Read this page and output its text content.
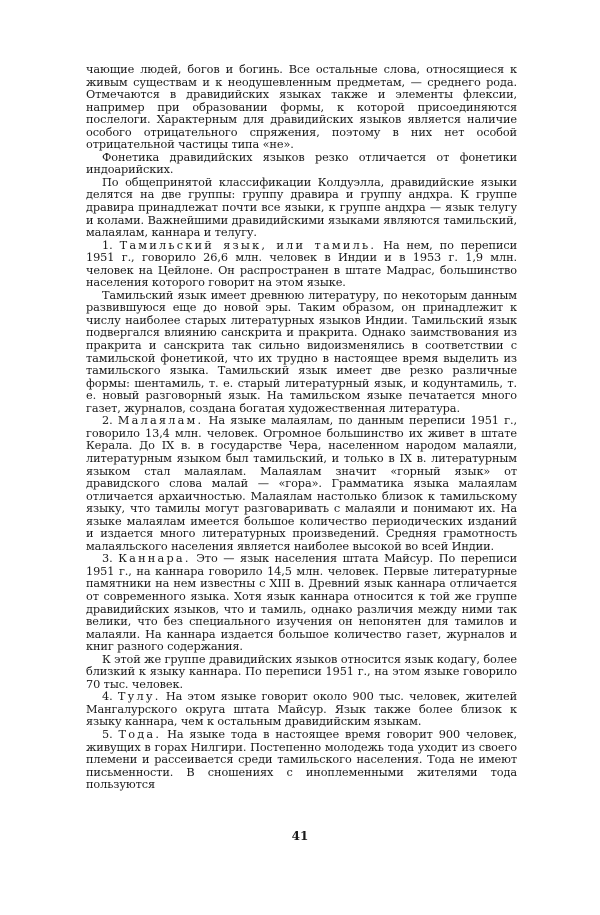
чающие людей, богов и богинь. Все остальные слова, относящиеся к живым существам и к неодушевленным предметам, — среднего рода. Отмечаются в дравидийских языках также и элементы флексии, например при образовании формы, к которой присоединяются послелоги. Характерным для дравидийских языков является наличие особого отрицательного спряжения, поэтому в них нет особой отрицательной частицы типа «не».

Фонетика дравидийских языков резко отличается от фонетики индоарийских.

По общепринятой классификации Колдуэлла, дравидийские языки делятся на две группы: группу дравира и группу андхра. К группе дравира принадлежат почти все языки, к группе андхра — язык телугу и колами. Важнейшими дравидийскими языками являются тамильский, малаялам, каннара и телугу.

1. Тамильский язык, или тамиль. На нем, по переписи 1951 г., говорило 26,6 млн. человек в Индии и в 1953 г. 1,9 млн. человек на Цейлоне. Он распространен в штате Мадрас, большинство населения которого говорит на этом языке.

Тамильский язык имеет древнюю литературу, по некоторым данным развившуюся еще до новой эры. Таким образом, он принадлежит к числу наиболее старых литературных языков Индии. Тамильский язык подвергался влиянию санскрита и пракрита. Однако заимствования из пракрита и санскрита так сильно видоизменялись в соответствии с тамильской фонетикой, что их трудно в настоящее время выделить из тамильского языка. Тамильский язык имеет две резко различные формы: шентамиль, т. е. старый литературный язык, и кодунтамиль, т. е. новый разговорный язык. На тамильском языке печатается много газет, журналов, создана богатая художественная литература.

2. Малаялам. На языке малаялам, по данным переписи 1951 г., говорило 13,4 млн. человек. Огромное большинство их живет в штате Керала. До IX в. в государстве Чера, населенном народом малаяли, литературным языком был тамильский, и только в IX в. литературным языком стал малаялам. Малаялам значит «горный язык» от дравидского слова малай — «гора». Грамматика языка малаялам отличается архаичностью. Малаялам настолько близок к тамильскому языку, что тамилы могут разговаривать с малаяли и понимают их. На языке малаялам имеется большое количество периодических изданий и издается много литературных произведений. Средняя грамотность малаяльского населения является наиболее высокой во всей Индии.

3. Каннара. Это — язык населения штата Майсур. По переписи 1951 г., на каннара говорило 14,5 млн. человек. Первые литературные памятники на нем известны с XIII в. Древний язык каннара отличается от современного языка. Хотя язык каннара относится к той же группе дравидийских языков, что и тамиль, однако различия между ними так велики, что без специального изучения он непонятен для тамилов и малаяли. На каннара издается большое количество газет, журналов и книг разного содержания.

К этой же группе дравидийских языков относится язык кодагу, более близкий к языку каннара. По переписи 1951 г., на этом языке говорило 70 тыс. человек.

4. Тулу. На этом языке говорит около 900 тыс. человек, жителей Мангалурского округа штата Майсур. Язык также более близок к языку каннара, чем к остальным дравидийским языкам.

5. Тода. На языке тода в настоящее время говорит 900 человек, живущих в горах Нилгири. Постепенно молодежь тода уходит из своего племени и рассеивается среди тамильского населения. Тода не имеют письменности. В сношениях с иноплеменными жителями тода пользуются

41
